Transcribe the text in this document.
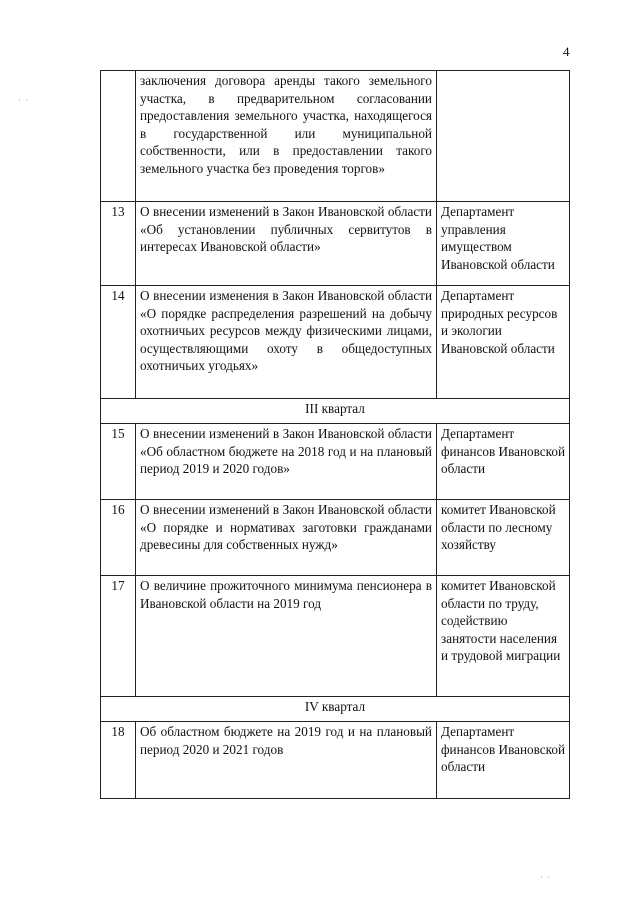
4
· ·
· ·
	заключения договора аренды такого земельного участка, в предварительном согласовании предоставления земельного участка, находящегося в государственной или муниципальной собственности, или в предоставлении такого земельного участка без проведения торгов»	
13	О внесении изменений в Закон Ивановской области «Об установлении публичных сервитутов в интересах Ивановской области»	Департамент управления имуществом Ивановской области
14	О внесении изменения в Закон Ивановской области «О порядке распределения разрешений на добычу охотничьих ресурсов между физическими лицами, осуществляющими охоту в общедоступных охотничьих угодьях»	Департамент природных ресурсов и экологии Ивановской области
III квартал		
15	О внесении изменений в Закон Ивановской области «Об областном бюджете на 2018 год и на плановый период 2019 и 2020 годов»	Департамент финансов Ивановской области
16	О внесении изменений в Закон Ивановской области «О порядке и нормативах заготовки гражданами древесины для собственных нужд»	комитет Ивановской области по лесному хозяйству
17	О величине прожиточного минимума пенсионера в Ивановской области на 2019 год	комитет Ивановской области по труду, содействию занятости населения и трудовой миграции
IV квартал		
18	Об областном бюджете на 2019 год и на плановый период 2020 и 2021 годов	Департамент финансов Ивановской области
